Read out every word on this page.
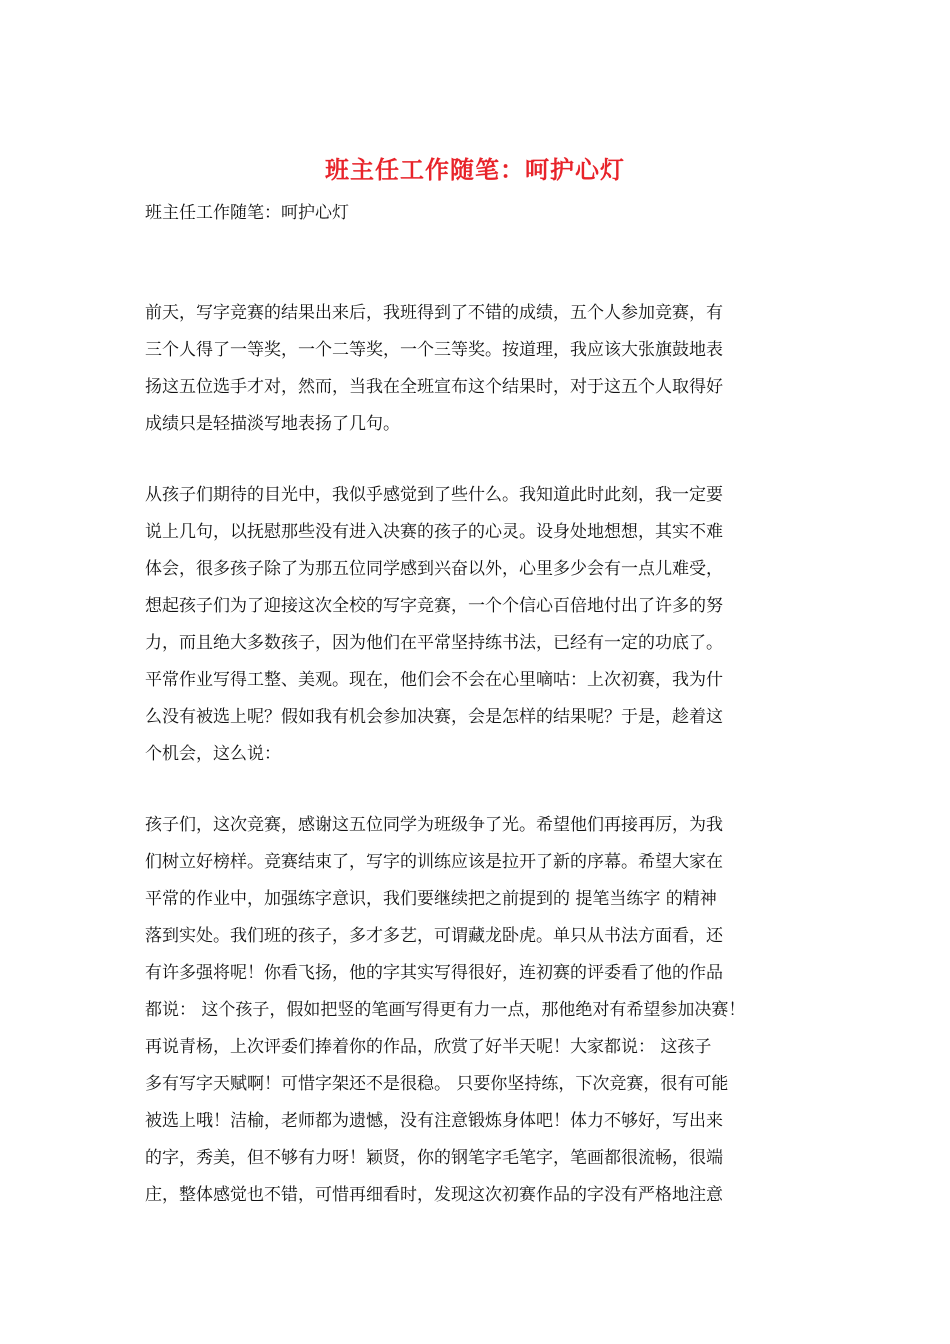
班主任工作随笔：呵护心灯
班主任工作随笔：呵护心灯
前天，写字竞赛的结果出来后，我班得到了不错的成绩，五个人参加竞赛，有
三个人得了一等奖，一个二等奖，一个三等奖。按道理，我应该大张旗鼓地表
扬这五位选手才对，然而，当我在全班宣布这个结果时，对于这五个人取得好
成绩只是轻描淡写地表扬了几句。
从孩子们期待的目光中，我似乎感觉到了些什么。我知道此时此刻，我一定要
说上几句，以抚慰那些没有进入决赛的孩子的心灵。设身处地想想，其实不难
体会，很多孩子除了为那五位同学感到兴奋以外，心里多少会有一点儿难受，
想起孩子们为了迎接这次全校的写字竞赛，一个个信心百倍地付出了许多的努
力，而且绝大多数孩子，因为他们在平常坚持练书法，已经有一定的功底了。
平常作业写得工整、美观。现在，他们会不会在心里嘀咕：上次初赛，我为什
么没有被选上呢？假如我有机会参加决赛，会是怎样的结果呢？于是，趁着这
个机会，这么说：
孩子们，这次竞赛，感谢这五位同学为班级争了光。希望他们再接再厉，为我
们树立好榜样。竞赛结束了，写字的训练应该是拉开了新的序幕。希望大家在
平常的作业中，加强练字意识，我们要继续把之前提到的 提笔当练字 的精神
落到实处。我们班的孩子，多才多艺，可谓藏龙卧虎。单只从书法方面看，还
有许多强将呢！你看飞扬，他的字其实写得很好，连初赛的评委看了他的作品
都说： 这个孩子，假如把竖的笔画写得更有力一点，那他绝对有希望参加决赛！
再说青杨，上次评委们捧着你的作品，欣赏了好半天呢！大家都说： 这孩子
多有写字天赋啊！可惜字架还不是很稳。 只要你坚持练，下次竞赛，很有可能
被选上哦！洁榆，老师都为遗憾，没有注意锻炼身体吧！体力不够好，写出来
的字，秀美，但不够有力呀！颖贤，你的钢笔字毛笔字，笔画都很流畅，很端
庄，整体感觉也不错，可惜再细看时，发现这次初赛作品的字没有严格地注意
